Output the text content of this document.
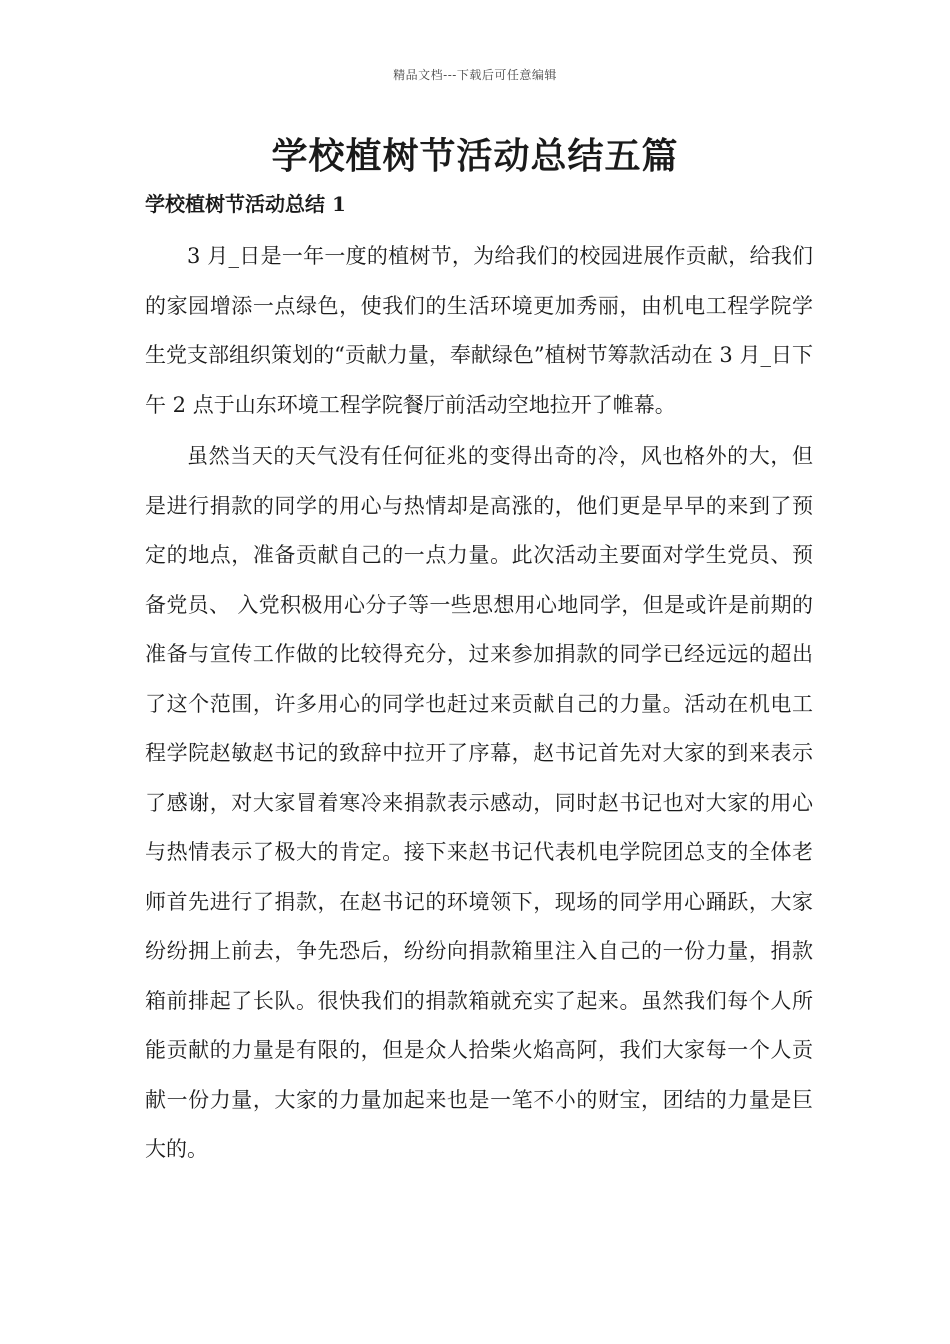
精品文档---下载后可任意编辑
学校植树节活动总结五篇
学校植树节活动总结 1

3 月_日是一年一度的植树节，为给我们的校园进展作贡献，给我们的家园增添一点绿色，使我们的生活环境更加秀丽，由机电工程学院学生党支部组织策划的“贡献力量，奉献绿色”植树节筹款活动在 3 月_日下午 2 点于山东环境工程学院餐厅前活动空地拉开了帷幕。

虽然当天的天气没有任何征兆的变得出奇的冷，风也格外的大，但是进行捐款的同学的用心与热情却是高涨的，他们更是早早的来到了预定的地点，准备贡献自己的一点力量。此次活动主要面对学生党员、预备党员、 入党积极用心分子等一些思想用心地同学，但是或许是前期的准备与宣传工作做的比较得充分，过来参加捐款的同学已经远远的超出了这个范围，许多用心的同学也赶过来贡献自己的力量。活动在机电工程学院赵敏赵书记的致辞中拉开了序幕，赵书记首先对大家的到来表示了感谢，对大家冒着寒冷来捐款表示感动，同时赵书记也对大家的用心与热情表示了极大的肯定。接下来赵书记代表机电学院团总支的全体老师首先进行了捐款，在赵书记的环境领下，现场的同学用心踊跃，大家纷纷拥上前去，争先恐后，纷纷向捐款箱里注入自己的一份力量，捐款箱前排起了长队。很快我们的捐款箱就充实了起来。虽然我们每个人所能贡献的力量是有限的，但是众人拾柴火焰高阿，我们大家每一个人贡献一份力量，大家的力量加起来也是一笔不小的财宝，团结的力量是巨大的。
